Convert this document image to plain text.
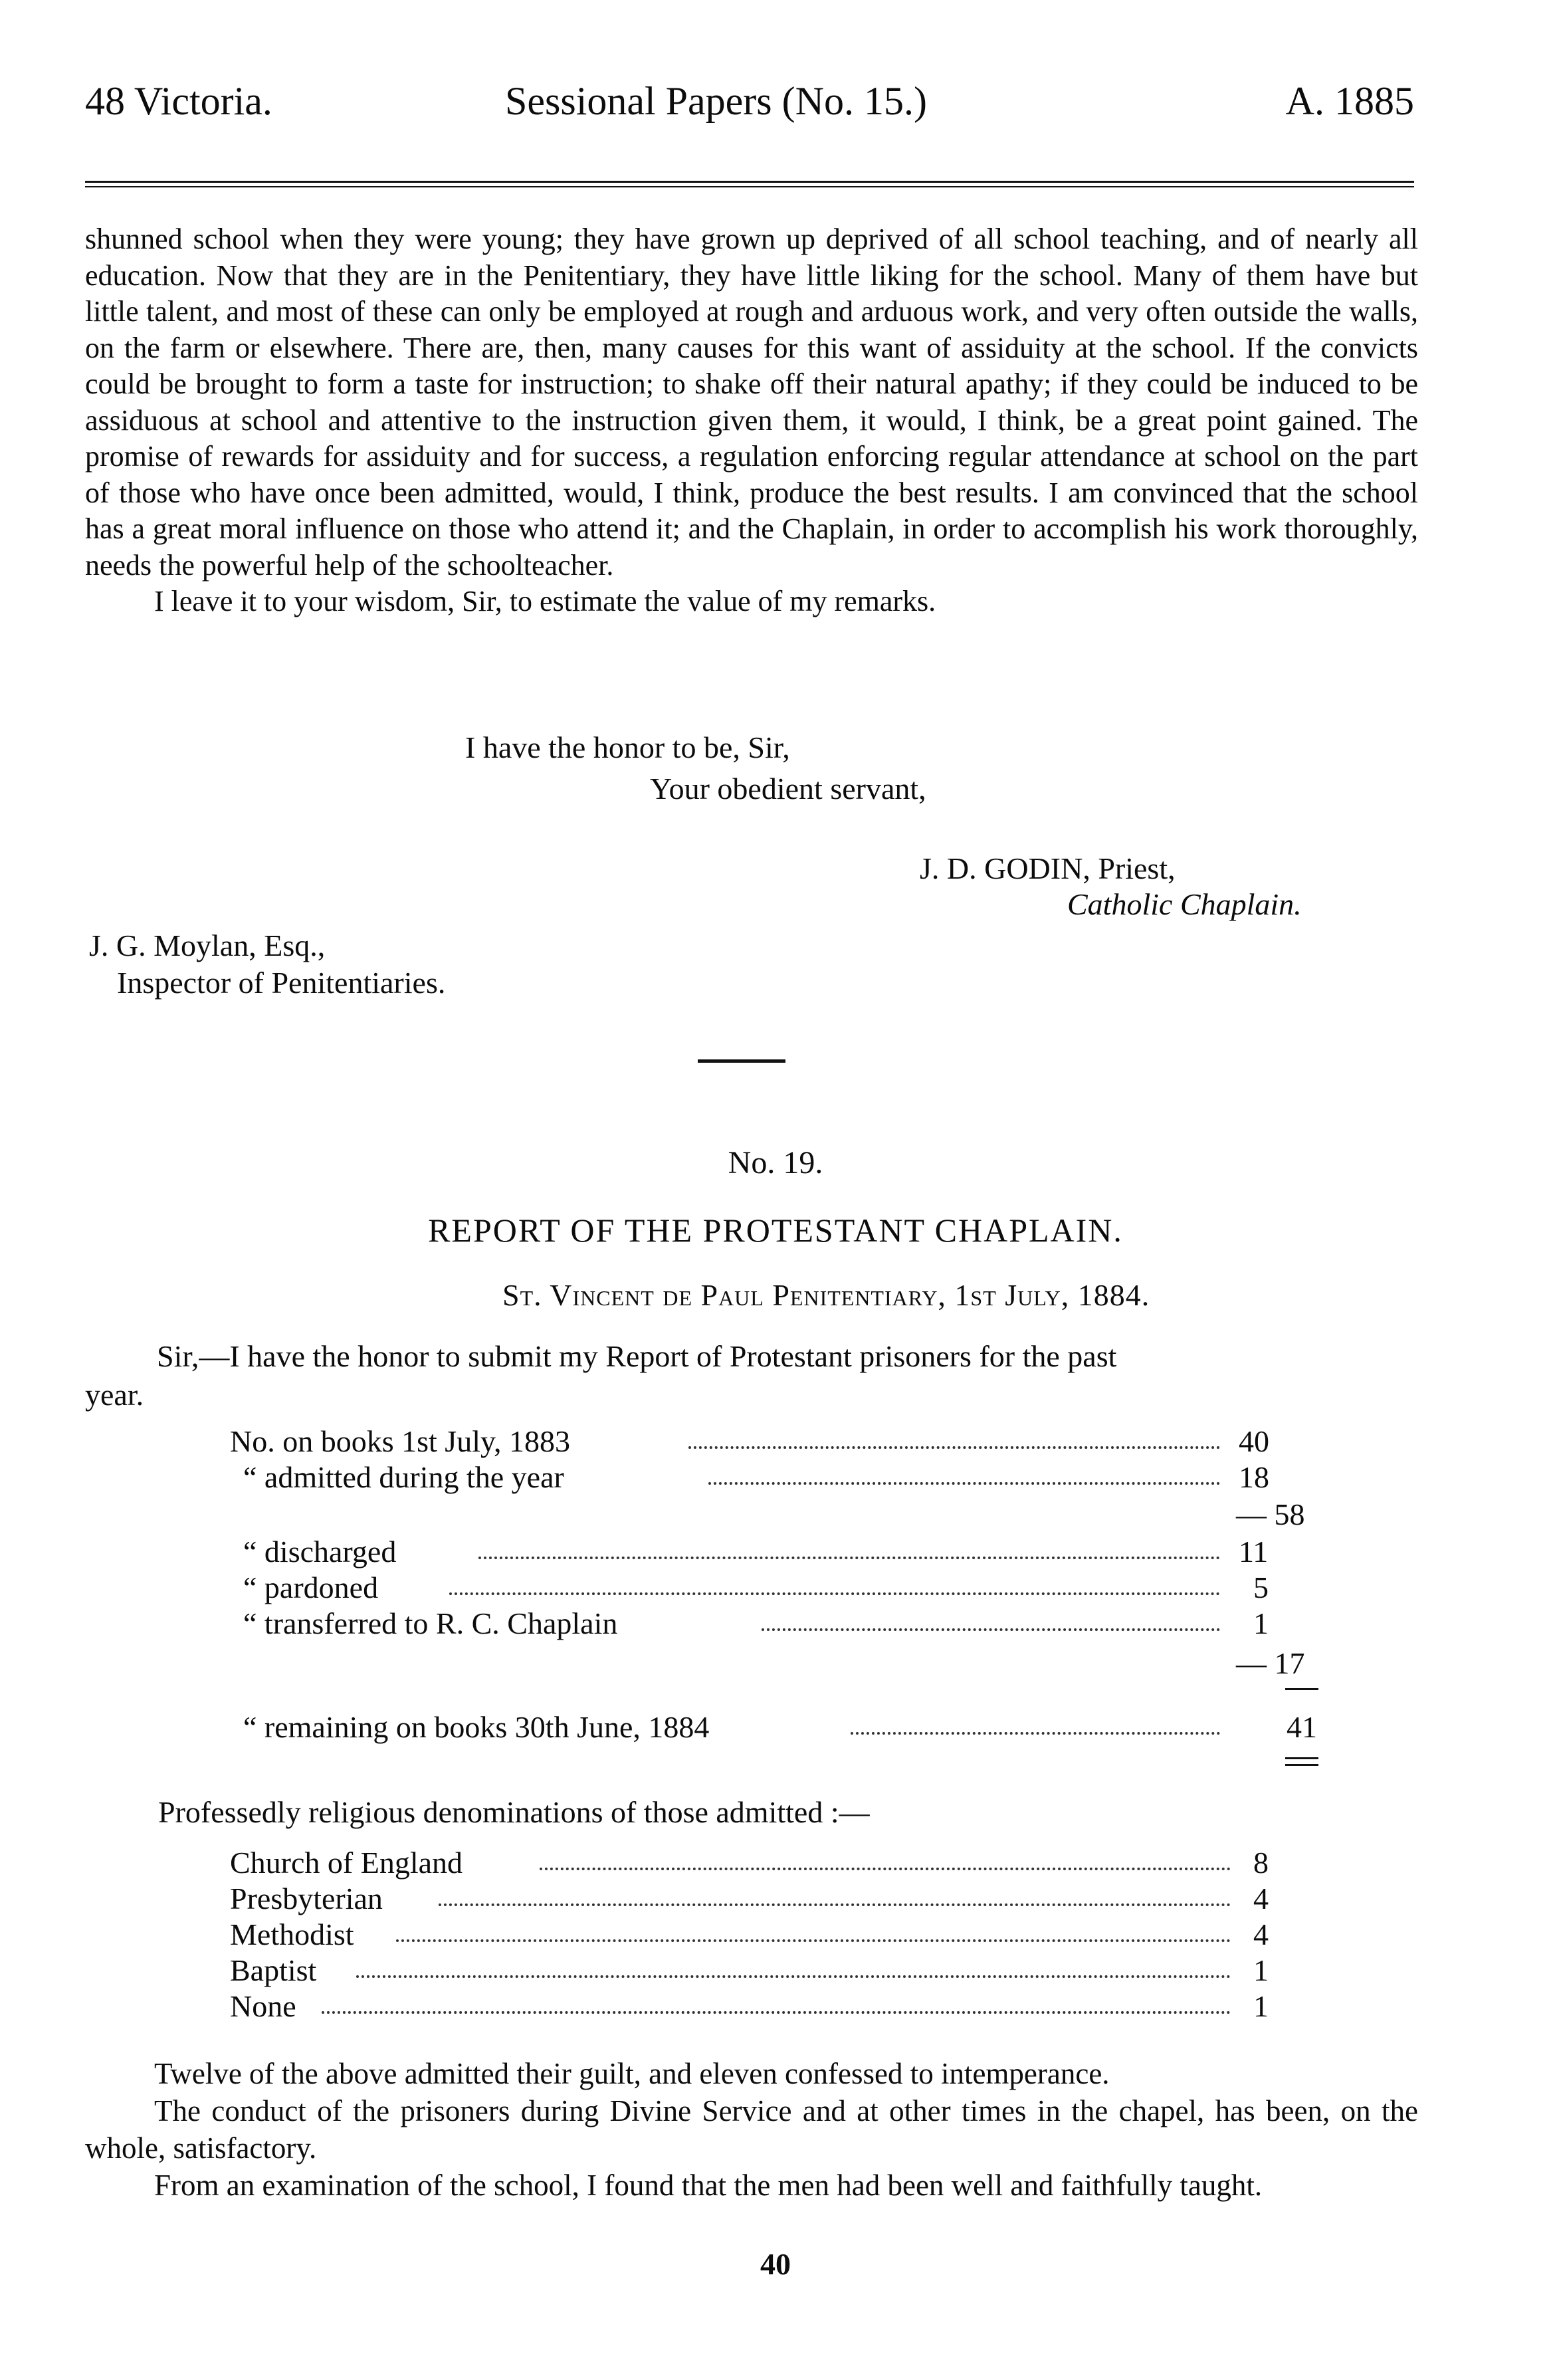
48 Victoria.	Sessional Papers (No. 15.)	A. 1885

shunned school when they were young; they have grown up deprived of all school teaching, and of nearly all education. Now that they are in the Penitentiary, they have little liking for the school. Many of them have but little talent, and most of these can only be employed at rough and arduous work, and very often outside the walls, on the farm or elsewhere. There are, then, many causes for this want of assiduity at the school. If the convicts could be brought to form a taste for instruction; to shake off their natural apathy; if they could be induced to be assiduous at school and attentive to the instruction given them, it would, I think, be a great point gained. The promise of rewards for assiduity and for success, a regulation enforcing regular attendance at school on the part of those who have once been admitted, would, I think, produce the best results. I am convinced that the school has a great moral influence on those who attend it; and the Chaplain, in order to accomplish his work thoroughly, needs the powerful help of the schoolteacher.

I leave it to your wisdom, Sir, to estimate the value of my remarks.

I have the honor to be, Sir,
Your obedient servant,
J. D. GODIN, Priest,
Catholic Chaplain.
J. G. Moylan, Esq.,
Inspector of Penitentiaries.
No. 19.
REPORT OF THE PROTESTANT CHAPLAIN.
St. Vincent de Paul Penitentiary, 1st July, 1884.
Sir,—I have the honor to submit my Report of Protestant prisoners for the past
year.
No. on books 1st July, 1883	40
“ admitted during the year	18
— 58
“ discharged	11
“ pardoned	5
“ transferred to R. C. Chaplain	1
— 17
“ remaining on books 30th June, 1884	41
Professedly religious denominations of those admitted :—
Church of England	8
Presbyterian	4
Methodist	4
Baptist	1
None	1

Twelve of the above admitted their guilt, and eleven confessed to intemperance.

The conduct of the prisoners during Divine Service and at other times in the chapel, has been, on the whole, satisfactory.

From an examination of the school, I found that the men had been well and faithfully taught.

40
